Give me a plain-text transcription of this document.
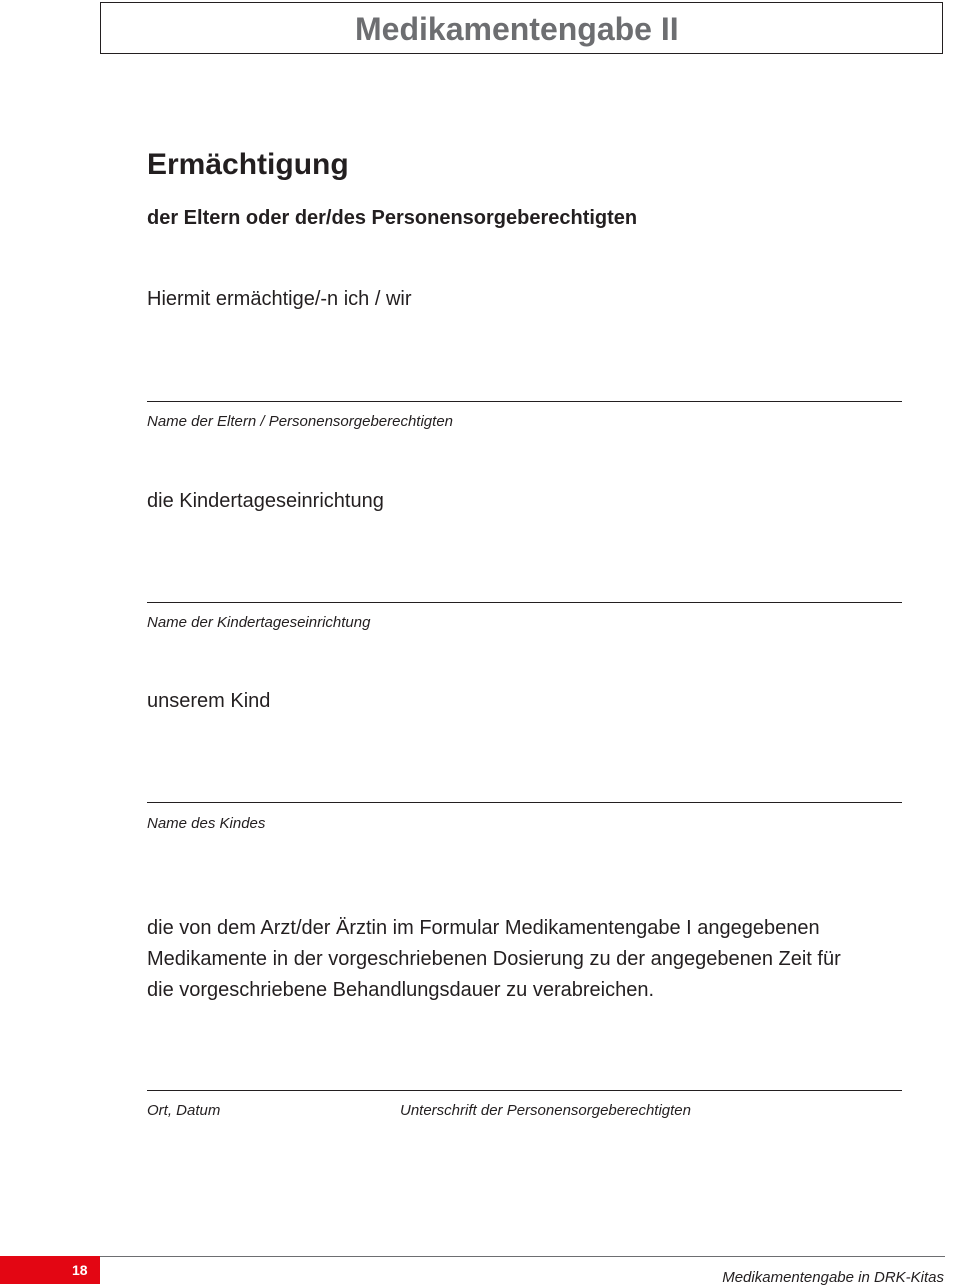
Medikamentengabe II
Ermächtigung
der Eltern oder der/des Personensorgeberechtigten
Hiermit ermächtige/-n ich / wir
Name der Eltern / Personensorgeberechtigten
die Kindertageseinrichtung
Name der Kindertageseinrichtung
unserem Kind
Name des Kindes
die von dem Arzt/der Ärztin im Formular Medikamentengabe I angegebenen
Medikamente in der vorgeschriebenen Dosierung zu der angegebenen Zeit für
die vorgeschriebene Behandlungsdauer zu verabreichen.
Ort, Datum	Unterschrift der Personensorgeberechtigten
18	Medikamentengabe in DRK-Kitas
